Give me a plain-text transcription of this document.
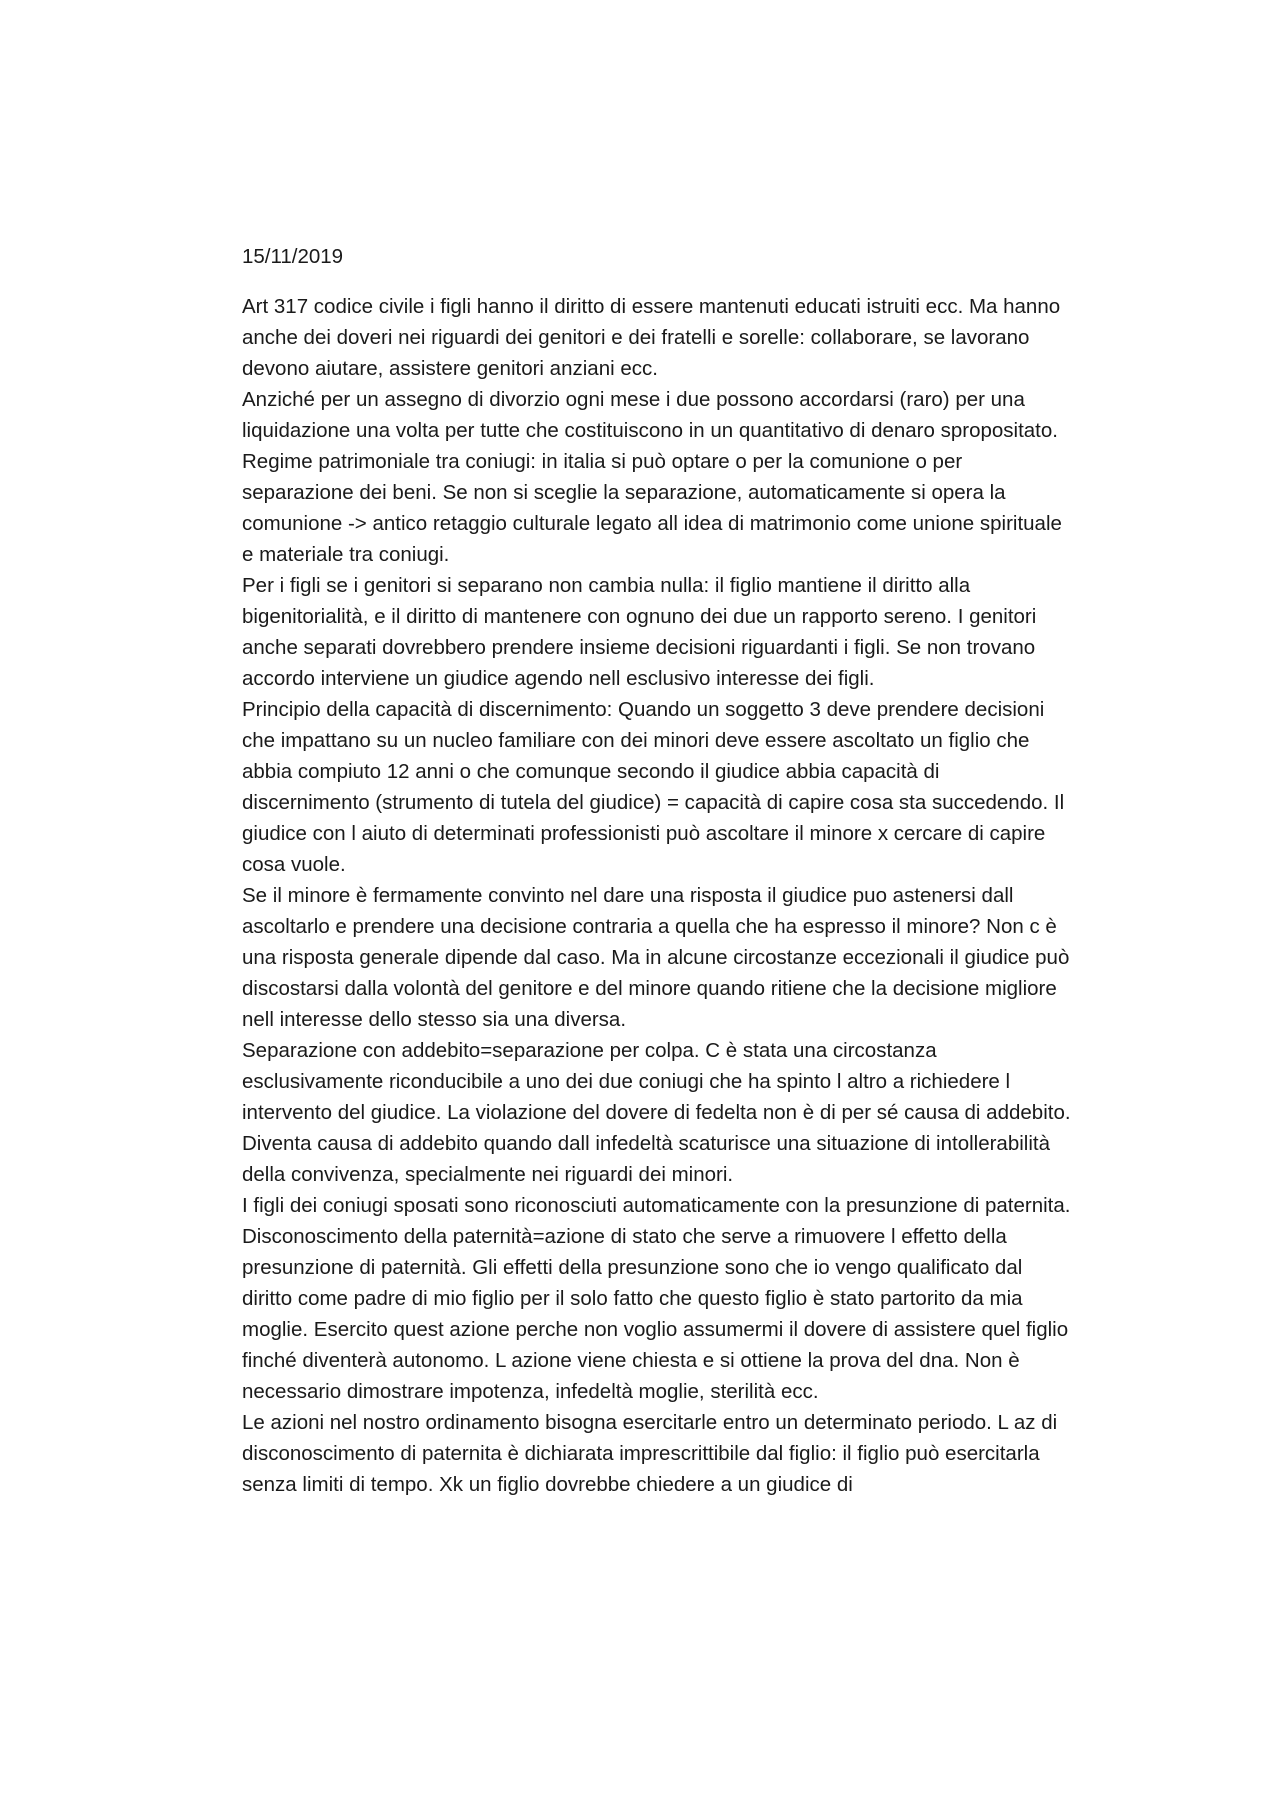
15/11/2019

Art 317 codice civile i figli hanno il diritto di essere mantenuti educati istruiti ecc. Ma hanno anche dei doveri nei riguardi dei genitori e dei fratelli e sorelle: collaborare, se lavorano devono aiutare, assistere genitori anziani ecc.

Anziché per un assegno di divorzio ogni mese i due possono accordarsi (raro) per una liquidazione una volta per tutte che costituiscono in un quantitativo di denaro spropositato.

Regime patrimoniale tra coniugi: in italia si può optare o per la comunione o per separazione dei beni. Se non si sceglie la separazione, automaticamente si opera la comunione -> antico retaggio culturale legato all idea di matrimonio come unione spirituale e materiale tra coniugi.

Per i figli se i genitori si separano non cambia nulla: il figlio mantiene il diritto alla bigenitorialità, e il diritto di mantenere con ognuno dei due un rapporto sereno. I genitori anche separati dovrebbero prendere insieme decisioni riguardanti i figli. Se non trovano accordo interviene un giudice agendo nell esclusivo interesse dei figli.

Principio della capacità di discernimento: Quando un soggetto 3 deve prendere decisioni che impattano su un nucleo familiare con dei minori deve essere ascoltato un figlio che abbia compiuto 12 anni o che comunque secondo il giudice abbia capacità di discernimento (strumento di tutela del giudice) = capacità di capire cosa sta succedendo. Il giudice con l aiuto di determinati professionisti può ascoltare il minore x cercare di capire cosa vuole.

Se il minore è fermamente convinto nel dare una risposta il giudice puo astenersi dall ascoltarlo e prendere una decisione contraria a quella che ha espresso il minore? Non c è una risposta generale dipende dal caso. Ma in alcune circostanze eccezionali il giudice può discostarsi dalla volontà del genitore e del minore quando ritiene che la decisione migliore nell interesse dello stesso sia una diversa.

Separazione con addebito=separazione per colpa. C è stata una circostanza esclusivamente riconducibile a uno dei due coniugi che ha spinto l altro a richiedere l intervento del giudice. La violazione del dovere di fedelta non è di per sé causa di addebito. Diventa causa di addebito quando dall infedeltà scaturisce una situazione di intollerabilità della convivenza, specialmente nei riguardi dei minori.

I figli dei coniugi sposati sono riconosciuti automaticamente con la presunzione di paternita. Disconoscimento della paternità=azione di stato che serve a rimuovere l effetto della presunzione di paternità. Gli effetti della presunzione sono che io vengo qualificato dal diritto come padre di mio figlio per il solo fatto che questo figlio è stato partorito da mia moglie. Esercito quest azione perche non voglio assumermi il dovere di assistere quel figlio finché diventerà autonomo. L azione viene chiesta e si ottiene la prova del dna. Non è necessario dimostrare impotenza, infedeltà moglie, sterilità ecc.

Le azioni nel nostro ordinamento bisogna esercitarle entro un determinato periodo. L az di disconoscimento di paternita è dichiarata imprescrittibile dal figlio: il figlio può esercitarla senza limiti di tempo. Xk un figlio dovrebbe chiedere a un giudice di
